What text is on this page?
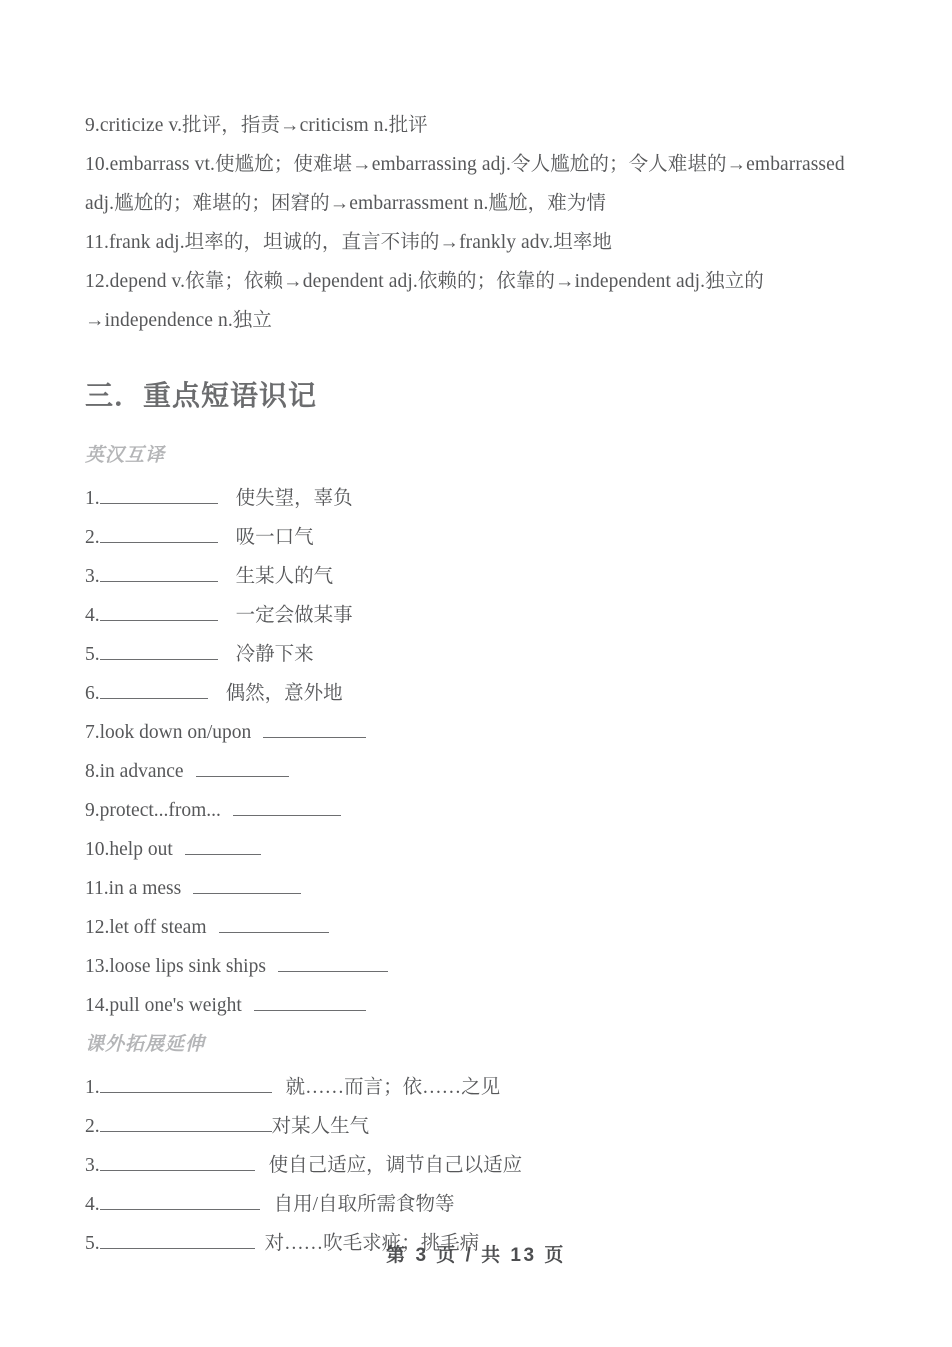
9.criticize v.批评，指责→criticism n.批评
10.embarrass vt.使尴尬；使难堪→embarrassing adj.令人尴尬的；令人难堪的→embarrassed adj.尴尬的；难堪的；困窘的→embarrassment n.尴尬，难为情
11.frank adj.坦率的，坦诚的，直言不讳的→frankly adv.坦率地
12.depend v.依靠；依赖→dependent adj.依赖的；依靠的→independent adj.独立的→independence n.独立
三．重点短语识记
英汉互译
1.	使失望，辜负
2.	吸一口气
3.	生某人的气
4.	一定会做某事
5.	冷静下来
6.	偶然，意外地
7. look down on/upon
8. in advance
9. protect...from...
10. help out
11. in a mess
12. let off steam
13. loose lips sink ships
14. pull one's weight
课外拓展延伸
1.	就……而言；依……之见
2.	对某人生气
3.	使自己适应，调节自己以适应
4.	自用/自取所需食物等
5.	对……吹毛求疵；挑毛病
第 3 页 / 共 13 页
